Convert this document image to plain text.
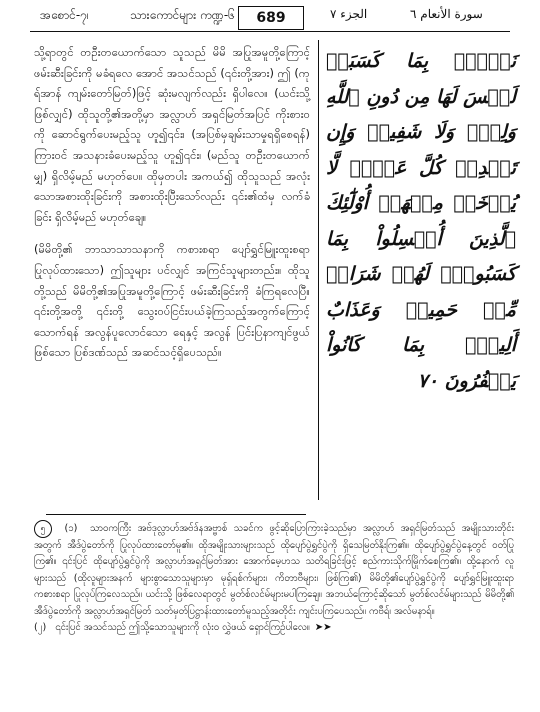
အစောင်-၇၊	သားကောင်များ ကဏ္ဍ-၆	689	الجزء ٧	سورة الأنعام ٦

သို့ရာတွင် တဦးတယောက်သော သူသည် မိမိ အပြုအမူတို့ကြောင့် ဖမ်းဆီးခြင်းကို မခံရလေ အောင် အသင်သည် (၎င်းတို့အား) ဤ (ကုရ်အာန် ကျမ်းတော်မြတ်)ဖြင့် ဆုံးမလျက်လည်း ရှိပါလေ။ (ယင်းသို့ဖြစ်လျှင်) ထိုသူတို့၏အတို့မှာ အလ္လာဟ် အရှင်မြတ်အပြင် ကိုးစားဝကို ဆောင်ရွက်ပေးမည့်သူ ဟူ၍၎င်း၊ (အပြစ်မှချမ်းသာမှုရရှိစေရန်) ကြားဝင် အသနားခံပေးမည့်သူ ဟူ၍၎င်း၊ (မည်သူ တဦးတယောက်မျှ) ရှိလိမ့်မည် မဟုတ်ပေ။ ထိုမှတပါး အကယ်၍ ထိုသူသည် အလုံးသောအစားထိုးခြင်းကို အစားထိုးပြီးသော်လည်း ၎င်း၏ထံမှ လက်ခံခြင်း ရှိလိမ့်မည် မဟုတ်ချေ။

(မိမိတို့၏ ဘာသာသာသနာကို ကစားစရာ ပျော်ရွှင်မြူးထူးစရာ ပြုလုပ်ထားသော) ဤသူများ ပင်လျှင် အကြင်သူများတည်း။ ထိုသူတို့သည် မိမိတို့၏အပြုအမူတို့ကြောင့် ဖမ်းဆီးခြင်းကို ခံကြရလေပြီ။ ၎င်းတို့အတို့ ၎င်းတို့ သွေးဝပ်ငြင်းပယ်ခဲ့ကြသည့်အတွက်ကြောင့် သောက်ရန် အလွန်ပူလောင်သော ရေနှင့် အလွန် ပြင်းပြနာကျင်ဖွယ်ဖြစ်သော ပြစ်ဒဏ်သည် အဆင်သင့်ရှိပေသည်။

نَفۡسٌۢ بِمَا كَسَبَتۡ لَيۡسَ لَهَا مِن دُونِ ٱللَّهِ وَلِيّٞ وَلَا شَفِيعٞ وَإِن تَعۡدِلۡ كُلَّ عَدۡلٖ لَّا يُؤۡخَذۡ مِنۡهَآۗ أُوْلَٰٓئِكَ ٱلَّذِينَ أُبۡسِلُواْ بِمَا كَسَبُواْۖ لَهُمۡ شَرَابٞ مِّنۡ حَمِيمٖ وَعَذَابٌ أَلِيمُۢ بِمَا كَانُواْ يَكۡفُرُونَ ٧٠

၅ (၁) သာဝကကြီး အဗ်ဒုလ္လာဟ်အဗ်ဒ်နအဗ္ဗာစ် သခင်က ဖွင့်ဆိုပြောကြားခဲ့သည်မှာ အလ္လာဟ် အရှင်မြတ်သည် အမျိုးသားတိုင်းအတွက် အီဒ်ပွဲတော်ကို ပြုလုပ်ထားတော်မူ၏။ ထိုအမျိုးသားများသည် ထိုပျော်ပွဲရွှင်ပွဲကို ရှိသေမြတ်နိုးကြ၏။ ထိုပျော်ပွဲရွှင်ပွဲနေ့တွင် ဝတ်ပြုကြ၏။ ၎င်းပြင် ထိုပျော်ပွဲရွှင်ပွဲကို အလ္လာဟ်အရှင်မြတ်အား အောက်မေ့ဟသ သတိရခြင်းဖြင့် စည်ကားသိုက်မြိုက်စေကြ၏။ ထို့နောက် လူများသည် (ထိုလူများအနက် များစွာသောသူများမှာ မုရှ်ရစ်က်များ၊ ကိတာဗီများ၊ ဖြစ်ကြ၏) မိမိတို့၏ပျော်ပွဲရွှင်ပွဲကို ပျော်ရွှင်မြူးထူးရာ ကစားစရာ ပြုလုပ်ကြလေသည်။ ယင်းသို့ ဖြစ်လေရာတွင် မွတ်စ်လင်မ်များမပါကြချေ။ အဘယ်ကြောင့်ဆိုသော် မွတ်စ်လင်မ်များသည် မိမိတို့၏ အီဒ်ပွဲတော်ကို အလ္လာဟ်အရှင်မြတ် သတ်မှတ်ပြဋ္ဌာန်းထားတော်မူသည့်အတိုင်း ကျင်းပကြပေသည်။ ကဗီရ်၊ အလ်မနာရ်။

(၂) ၎င်းပြင် အသင်သည် ဤသို့သောသူများကို လုံးဝ လွှဲဖယ် ရှောင်ကြဉ်ပါလေ။ ➤➤
